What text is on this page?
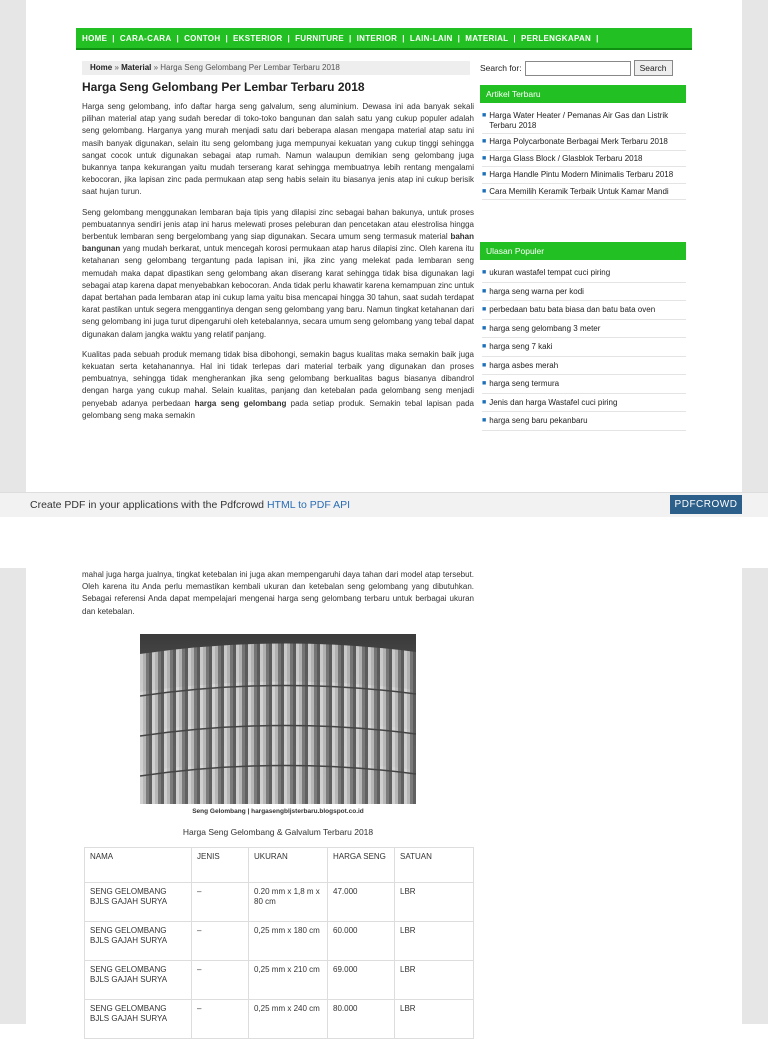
HOME | CARA-CARA | CONTOH | EKSTERIOR | FURNITURE | INTERIOR | LAIN-LAIN | MATERIAL | PERLENGKAPAN |
Home » Material » Harga Seng Gelombang Per Lembar Terbaru 2018
Harga Seng Gelombang Per Lembar Terbaru 2018

Harga seng gelombang, info daftar harga seng galvalum, seng aluminium. Dewasa ini ada banyak sekali pilihan material atap yang sudah beredar di toko-toko bangunan dan salah satu yang cukup populer adalah seng gelombang. Harganya yang murah menjadi satu dari beberapa alasan mengapa material atap satu ini masih banyak digunakan, selain itu seng gelombang juga mempunyai kekuatan yang cukup tinggi sehingga sangat cocok untuk digunakan sebagai atap rumah. Namun walaupun demikian seng gelombang juga bukannya tanpa kekurangan yaitu mudah terserang karat sehingga membuatnya lebih rentang mengalami kebocoran, jika lapisan zinc pada permukaan atap seng habis selain itu biasanya jenis atap ini cukup berisik saat hujan turun.

Seng gelombang menggunakan lembaran baja tipis yang dilapisi zinc sebagai bahan bakunya, untuk proses pembuatannya sendiri jenis atap ini harus melewati proses peleburan dan pencetakan atau elestrolisa hingga berbentuk lembaran seng bergelombang yang siap digunakan. Secara umum seng termasuk material bahan bangunan yang mudah berkarat, untuk mencegah korosi permukaan atap harus dilapisi zinc. Oleh karena itu ketahanan seng gelombang tergantung pada lapisan ini, jika zinc yang melekat pada lembaran seng memudah maka dapat dipastikan seng gelombang akan diserang karat sehingga tidak bisa digunakan lagi sebagai atap karena dapat menyebabkan kebocoran. Anda tidak perlu khawatir karena kemampuan zinc untuk dapat bertahan pada lembaran atap ini cukup lama yaitu bisa mencapai hingga 30 tahun, saat sudah terdapat karat pastikan untuk segera menggantinya dengan seng gelombang yang baru. Namun tingkat ketahanan dari seng gelombang ini juga turut dipengaruhi oleh ketebalannya, secara umum seng gelombang yang tebal dapat digunakan dalam jangka waktu yang relatif panjang.

Kualitas pada sebuah produk memang tidak bisa dibohongi, semakin bagus kualitas maka semakin baik juga kekuatan serta ketahanannya. Hal ini tidak terlepas dari material terbaik yang digunakan dan proses pembuatnya, sehingga tidak mengherankan jika seng gelombang berkualitas bagus biasanya dibandrol dengan harga yang cukup mahal. Selain kualitas, panjang dan ketebalan pada gelombang seng menjadi penyebab adanya perbedaan harga seng gelombang pada setiap produk. Semakin tebal lapisan pada gelombang seng maka semakin

Search for:	Search
Artikel Terbaru
■ Harga Water Heater / Pemanas Air Gas dan Listrik Terbaru 2018
■ Harga Polycarbonate Berbagai Merk Terbaru 2018
■ Harga Glass Block / Glasblok Terbaru 2018
■ Harga Handle Pintu Modern Minimalis Terbaru 2018
■ Cara Memilih Keramik Terbaik Untuk Kamar Mandi
Ulasan Populer
■ ukuran wastafel tempat cuci piring
■ harga seng warna per kodi
■ perbedaan batu bata biasa dan batu bata oven
■ harga seng gelombang 3 meter
■ harga seng 7 kaki
■ harga asbes merah
■ harga seng termura
■ Jenis dan harga Wastafel cuci piring
■ harga seng baru pekanbaru
Create PDF in your applications with the Pdfcrowd HTML to PDF API	PDFCROWD

mahal juga harga jualnya, tingkat ketebalan ini juga akan mempengaruhi daya tahan dari model atap tersebut. Oleh karena itu Anda perlu memastikan kembali ukuran dan ketebalan seng gelombang yang dibutuhkan. Sebagai referensi Anda dapat mempelajari mengenai harga seng gelombang terbaru untuk berbagai ukuran dan ketebalan.

Seng Gelombang | hargasengbljsterbaru.blogspot.co.id
Harga Seng Gelombang & Galvalum Terbaru 2018
NAMA	JENIS	UKURAN	HARGA SENG	SATUAN
SENG GELOMBANG BJLS GAJAH SURYA	–	0.20 mm x 1,8 m x 80 cm	47.000	LBR
SENG GELOMBANG BJLS GAJAH SURYA	–	0,25 mm x 180 cm	60.000	LBR
SENG GELOMBANG BJLS GAJAH SURYA	–	0,25 mm x 210 cm	69.000	LBR
SENG GELOMBANG BJLS GAJAH SURYA	–	0,25 mm x 240 cm	80.000	LBR
